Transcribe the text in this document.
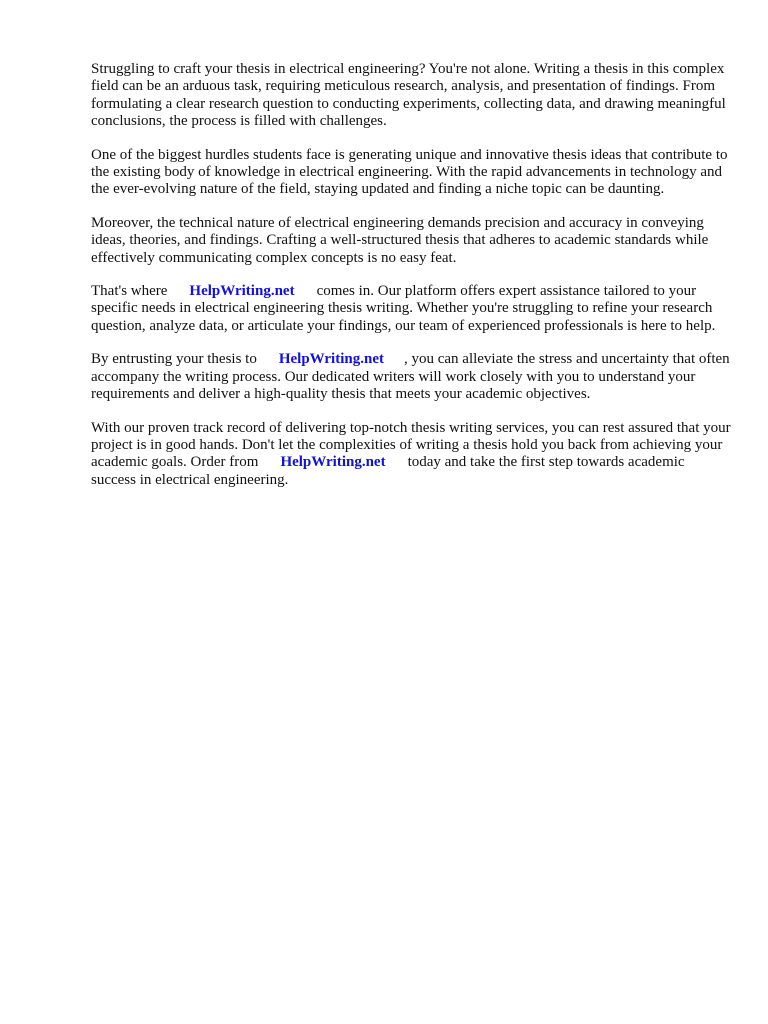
Struggling to craft your thesis in electrical engineering? You're not alone. Writing a thesis in this complex field can be an arduous task, requiring meticulous research, analysis, and presentation of findings. From formulating a clear research question to conducting experiments, collecting data, and drawing meaningful conclusions, the process is filled with challenges.

One of the biggest hurdles students face is generating unique and innovative thesis ideas that contribute to the existing body of knowledge in electrical engineering. With the rapid advancements in technology and the ever-evolving nature of the field, staying updated and finding a niche topic can be daunting.

Moreover, the technical nature of electrical engineering demands precision and accuracy in conveying ideas, theories, and findings. Crafting a well-structured thesis that adheres to academic standards while effectively communicating complex concepts is no easy feat.

That's where HelpWriting.net comes in. Our platform offers expert assistance tailored to your specific needs in electrical engineering thesis writing. Whether you're struggling to refine your research question, analyze data, or articulate your findings, our team of experienced professionals is here to help.

By entrusting your thesis to HelpWriting.net , you can alleviate the stress and uncertainty that often accompany the writing process. Our dedicated writers will work closely with you to understand your requirements and deliver a high-quality thesis that meets your academic objectives.

With our proven track record of delivering top-notch thesis writing services, you can rest assured that your project is in good hands. Don't let the complexities of writing a thesis hold you back from achieving your academic goals. Order from HelpWriting.net today and take the first step towards academic success in electrical engineering.
